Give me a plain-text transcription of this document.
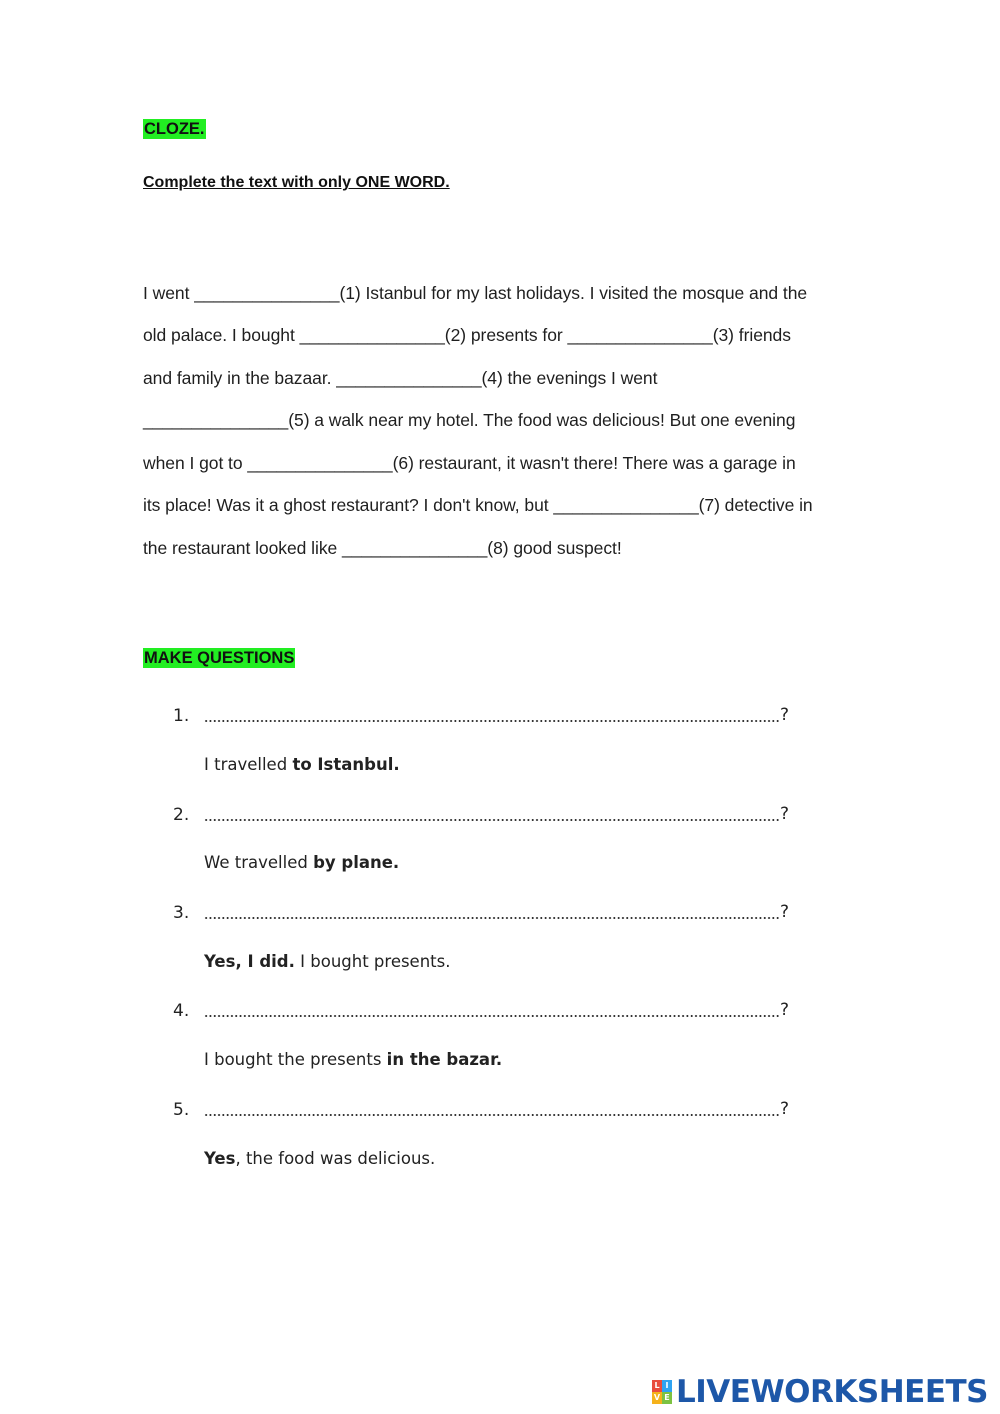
CLOZE.
Complete the text with only ONE WORD.
I went _______________(1) Istanbul for my last holidays. I visited the mosque and the
old palace. I bought _______________(2) presents for _______________(3) friends
and family in the bazaar. _______________(4) the evenings I went
_______________(5) a walk near my hotel. The food was delicious! But one evening
when I got to _______________(6) restaurant, it wasn't there! There was a garage in
its place! Was it a ghost restaurant? I don't know, but _______________(7) detective in
the restaurant looked like _______________(8) good suspect!
MAKE QUESTIONS
1.	?
I travelled to Istanbul.
2.	?
We travelled by plane.
3.	?
Yes, I did. I bought presents.
4.	?
I bought the presents in the bazar.
5.	?
Yes, the food was delicious.
L I
V E LIVEWORKSHEETS
